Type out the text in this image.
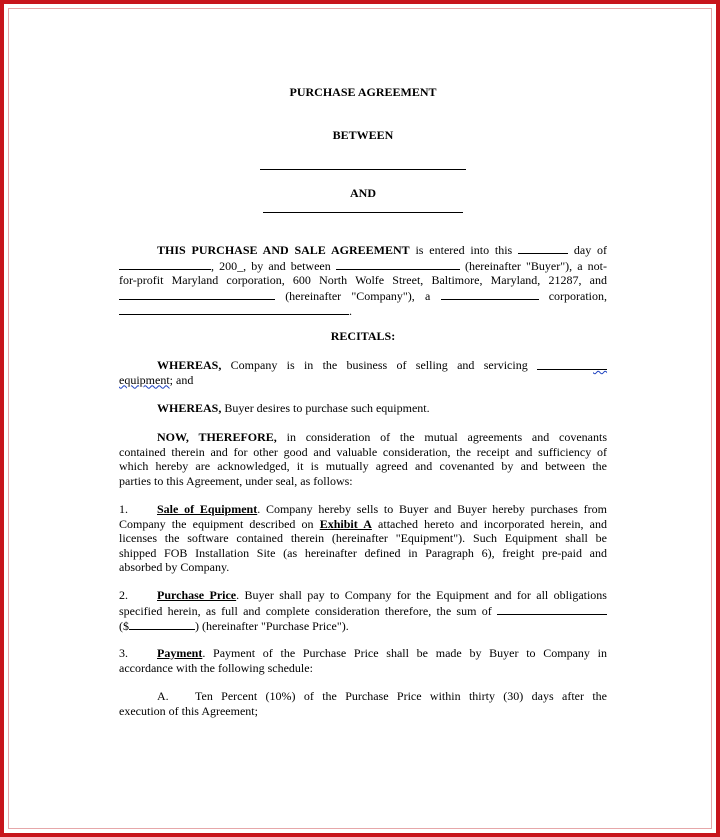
PURCHASE AGREEMENT
BETWEEN
AND
THIS PURCHASE AND SALE AGREEMENT is entered into this	day of
, 200_, by and between	(hereinafter "Buyer"), a not-
for-profit Maryland corporation, 600 North Wolfe Street, Baltimore, Maryland, 21287, and
(hereinafter "Company"), a	corporation,
.
RECITALS:
WHEREAS, Company is in the business of selling and servicing
equipment; and
WHEREAS, Buyer desires to purchase such equipment.
NOW, THEREFORE, in consideration of the mutual agreements and covenants
contained therein and for other good and valuable consideration, the receipt and sufficiency of
which hereby are acknowledged, it is mutually agreed and covenanted by and between the
parties to this Agreement, under seal, as follows:
1. Sale of Equipment. Company hereby sells to Buyer and Buyer hereby purchases from
Company the equipment described on Exhibit A attached hereto and incorporated herein, and
licenses the software contained therein (hereinafter "Equipment"). Such Equipment shall be
shipped FOB Installation Site (as hereinafter defined in Paragraph 6), freight pre-paid and
absorbed by Company.
2. Purchase Price. Buyer shall pay to Company for the Equipment and for all obligations
specified herein, as full and complete consideration therefore, the sum of
($	) (hereinafter "Purchase Price").
3. Payment. Payment of the Purchase Price shall be made by Buyer to Company in
accordance with the following schedule:
A. Ten Percent (10%) of the Purchase Price within thirty (30) days after the
execution of this Agreement;
